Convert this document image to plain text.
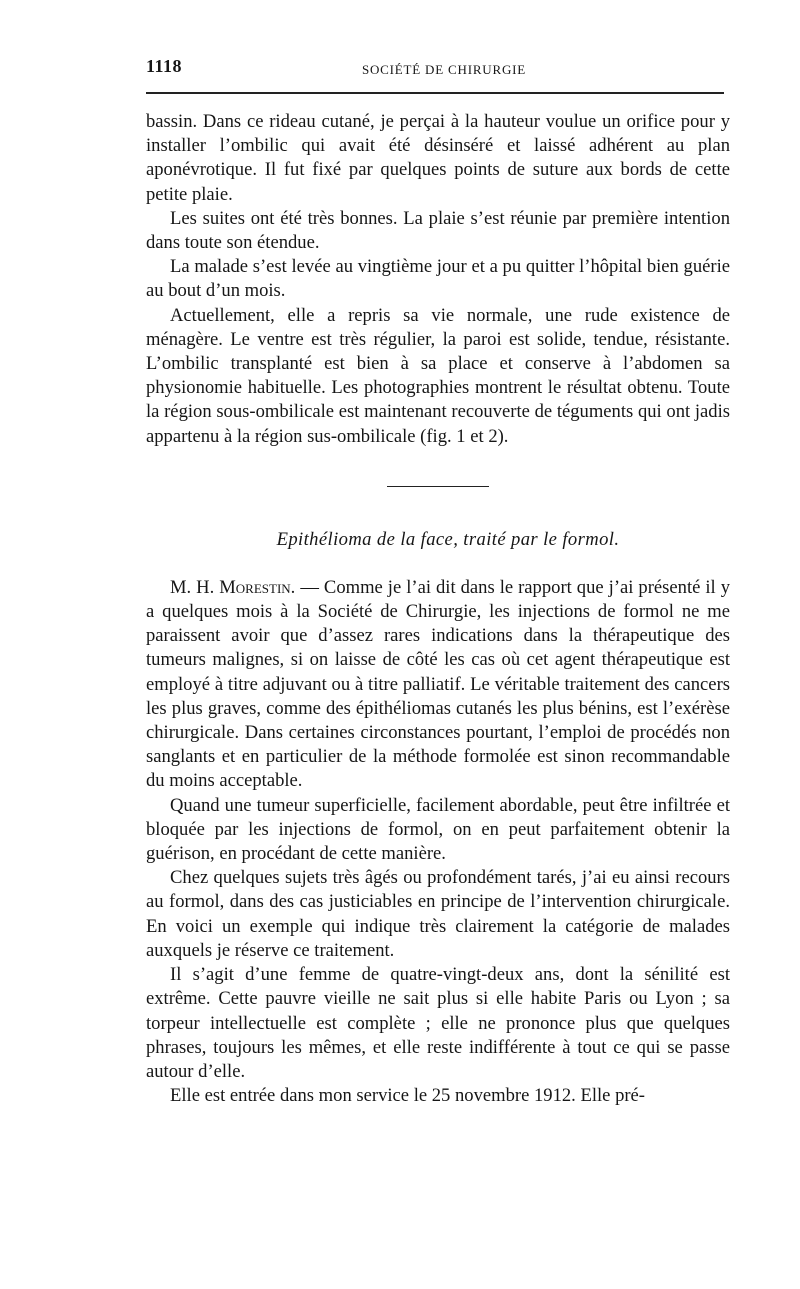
1118	SOCIÉTÉ DE CHIRURGIE

bassin. Dans ce rideau cutané, je perçai à la hauteur voulue un orifice pour y installer l’ombilic qui avait été désinséré et laissé adhérent au plan aponévrotique. Il fut fixé par quelques points de suture aux bords de cette petite plaie.

Les suites ont été très bonnes. La plaie s’est réunie par première intention dans toute son étendue.

La malade s’est levée au vingtième jour et a pu quitter l’hôpital bien guérie au bout d’un mois.

Actuellement, elle a repris sa vie normale, une rude existence de ménagère. Le ventre est très régulier, la paroi est solide, tendue, résistante. L’ombilic transplanté est bien à sa place et conserve à l’abdomen sa physionomie habituelle. Les photographies montrent le résultat obtenu. Toute la région sous-ombilicale est maintenant recouverte de téguments qui ont jadis appartenu à la région sus-ombilicale (fig. 1 et 2).

Epithélioma de la face, traité par le formol.

M. H. Morestin. — Comme je l’ai dit dans le rapport que j’ai présenté il y a quelques mois à la Société de Chirurgie, les injections de formol ne me paraissent avoir que d’assez rares indications dans la thérapeutique des tumeurs malignes, si on laisse de côté les cas où cet agent thérapeutique est employé à titre adjuvant ou à titre palliatif. Le véritable traitement des cancers les plus graves, comme des épithéliomas cutanés les plus bénins, est l’exérèse chirurgicale. Dans certaines circonstances pourtant, l’emploi de procédés non sanglants et en particulier de la méthode formolée est sinon recommandable du moins acceptable.

Quand une tumeur superficielle, facilement abordable, peut être infiltrée et bloquée par les injections de formol, on en peut parfaitement obtenir la guérison, en procédant de cette manière.

Chez quelques sujets très âgés ou profondément tarés, j’ai eu ainsi recours au formol, dans des cas justiciables en principe de l’intervention chirurgicale. En voici un exemple qui indique très clairement la catégorie de malades auxquels je réserve ce traitement.

Il s’agit d’une femme de quatre-vingt-deux ans, dont la sénilité est extrême. Cette pauvre vieille ne sait plus si elle habite Paris ou Lyon ; sa torpeur intellectuelle est complète ; elle ne prononce plus que quelques phrases, toujours les mêmes, et elle reste indifférente à tout ce qui se passe autour d’elle.

Elle est entrée dans mon service le 25 novembre 1912. Elle pré-
